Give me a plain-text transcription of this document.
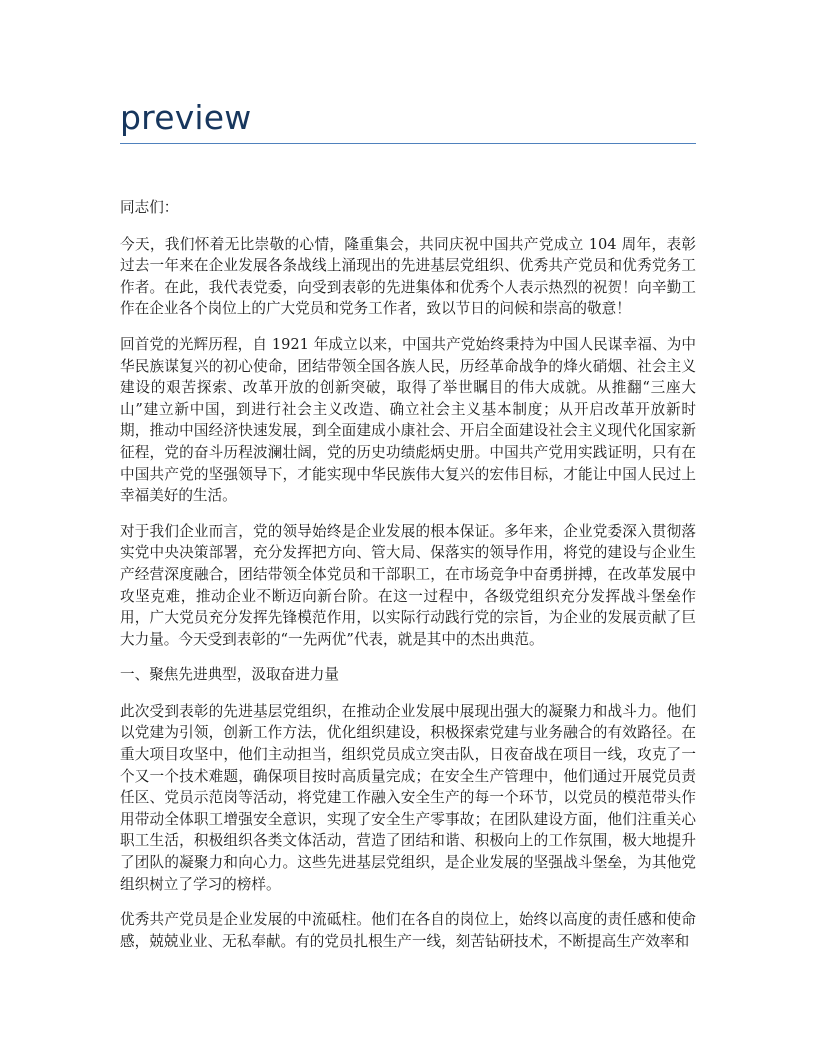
preview

同志们：

今天，我们怀着无比崇敬的心情，隆重集会，共同庆祝中国共产党成立 104 周年，表彰过去一年来在企业发展各条战线上涌现出的先进基层党组织、优秀共产党员和优秀党务工作者。在此，我代表党委，向受到表彰的先进集体和优秀个人表示热烈的祝贺！向辛勤工作在企业各个岗位上的广大党员和党务工作者，致以节日的问候和崇高的敬意！

回首党的光辉历程，自 1921 年成立以来，中国共产党始终秉持为中国人民谋幸福、为中华民族谋复兴的初心使命，团结带领全国各族人民，历经革命战争的烽火硝烟、社会主义建设的艰苦探索、改革开放的创新突破，取得了举世瞩目的伟大成就。从推翻“三座大山”建立新中国，到进行社会主义改造、确立社会主义基本制度；从开启改革开放新时期，推动中国经济快速发展，到全面建成小康社会、开启全面建设社会主义现代化国家新征程，党的奋斗历程波澜壮阔，党的历史功绩彪炳史册。中国共产党用实践证明，只有在中国共产党的坚强领导下，才能实现中华民族伟大复兴的宏伟目标，才能让中国人民过上幸福美好的生活。

对于我们企业而言，党的领导始终是企业发展的根本保证。多年来，企业党委深入贯彻落实党中央决策部署，充分发挥把方向、管大局、保落实的领导作用，将党的建设与企业生产经营深度融合，团结带领全体党员和干部职工，在市场竞争中奋勇拼搏，在改革发展中攻坚克难，推动企业不断迈向新台阶。在这一过程中，各级党组织充分发挥战斗堡垒作用，广大党员充分发挥先锋模范作用，以实际行动践行党的宗旨，为企业的发展贡献了巨大力量。今天受到表彰的“一先两优”代表，就是其中的杰出典范。

一、聚焦先进典型，汲取奋进力量

此次受到表彰的先进基层党组织，在推动企业发展中展现出强大的凝聚力和战斗力。他们以党建为引领，创新工作方法，优化组织建设，积极探索党建与业务融合的有效路径。在重大项目攻坚中，他们主动担当，组织党员成立突击队，日夜奋战在项目一线，攻克了一个又一个技术难题，确保项目按时高质量完成；在安全生产管理中，他们通过开展党员责任区、党员示范岗等活动，将党建工作融入安全生产的每一个环节，以党员的模范带头作用带动全体职工增强安全意识，实现了安全生产零事故；在团队建设方面，他们注重关心职工生活，积极组织各类文体活动，营造了团结和谐、积极向上的工作氛围，极大地提升了团队的凝聚力和向心力。这些先进基层党组织，是企业发展的坚强战斗堡垒，为其他党组织树立了学习的榜样。

优秀共产党员是企业发展的中流砥柱。他们在各自的岗位上，始终以高度的责任感和使命感，兢兢业业、无私奉献。有的党员扎根生产一线，刻苦钻研技术，不断提高生产效率和
